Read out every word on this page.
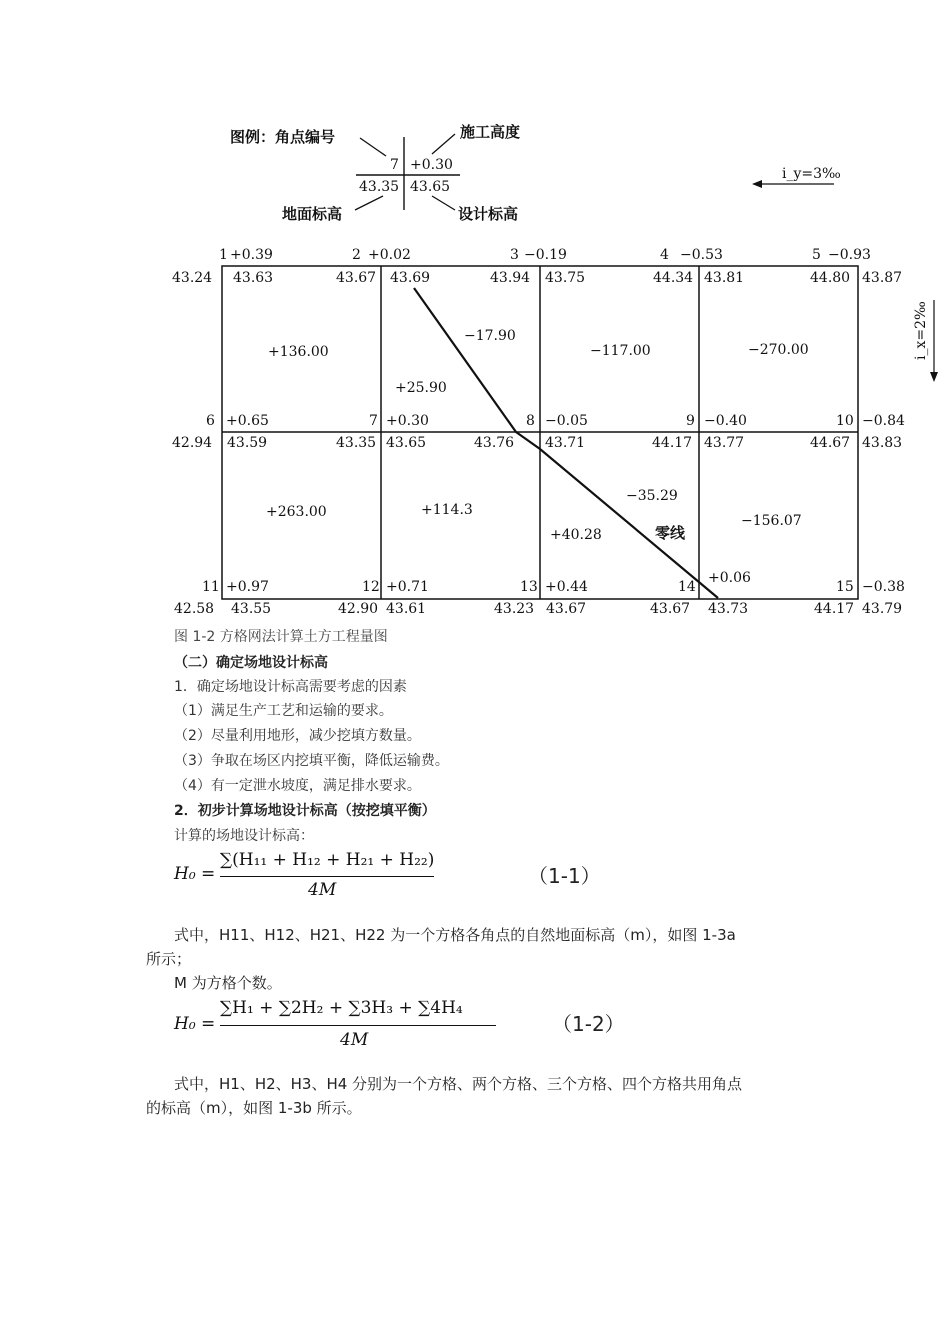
图例：角点编号	施工高度
7 +0.30
43.35 43.65
地面标高	设计标高
i_y=3‰
i_x=2‰
零线
1 +0.39
43.24 43.63
2 +0.02
43.67 43.69
3 −0.19
43.94 43.75
4 −0.53
44.34 43.81
5 −0.93
44.80 43.87
6 +0.65
42.94 43.59
7 +0.30
43.35 43.65
8 −0.05
43.76 43.71
9 −0.40
44.17 43.77
10 −0.84
44.67 43.83
11 +0.97
42.58 43.55
12 +0.71
42.90 43.61
13 +0.44
43.23 43.67
14
+0.06
43.67 43.73
15 −0.38
44.17 43.79
+136.00
+25.90
−17.90
−117.00	−270.00
+263.00	+114.3
+40.28
−35.29
−156.07
图 1-2 方格网法计算土方工程量图
（二）确定场地设计标高
1．确定场地设计标高需要考虑的因素
（1）满足生产工艺和运输的要求。
（2）尽量利用地形，减少挖填方数量。
（3）争取在场区内挖填平衡，降低运输费。
（4）有一定泄水坡度，满足排水要求。
2．初步计算场地设计标高（按挖填平衡）
计算的场地设计标高：
H₀ =
∑(H₁₁ + H₁₂ + H₂₁ + H₂₂)
4M
（1-1）
式中，H11、H12、H21、H22 为一个方格各角点的自然地面标高（m），如图 1-3a
所示；
M 为方格个数。
H₀ =
∑H₁ + ∑2H₂ + ∑3H₃ + ∑4H₄
4M
（1-2）
式中，H1、H2、H3、H4 分别为一个方格、两个方格、三个方格、四个方格共用角点
的标高（m），如图 1-3b 所示。
